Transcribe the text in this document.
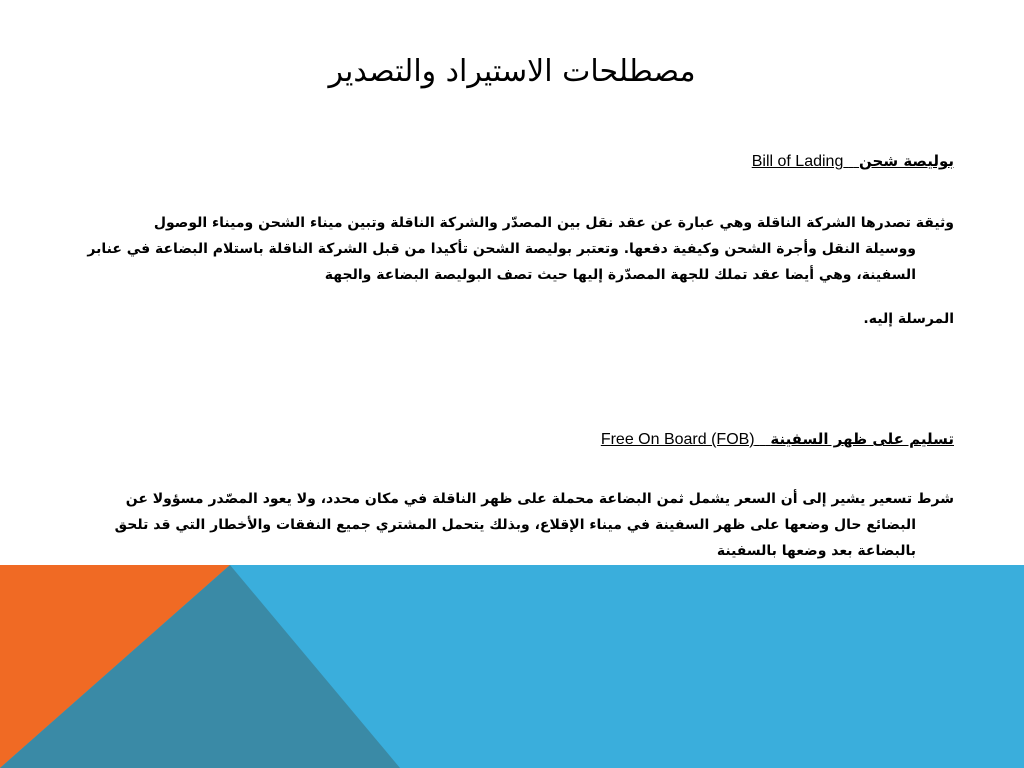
مصطلحات الاستيراد والتصدير
بوليصة شحن   Bill of Lading

وثيقة تصدرها الشركة الناقلة وهي عبارة عن عقد نقل بين المصدّر والشركة الناقلة وتبين ميناء الشحن وميناء الوصول
ووسيلة النقل وأجرة الشحن وكيفية دفعها. وتعتبر بوليصة الشحن تأكيدا من قبل الشركة الناقلة باستلام البضاعة في عنابر السفينة، وهي أيضا عقد تملك للجهة المصدّرة إليها حيث تصف البوليصة البضاعة والجهة

المرسلة إليه.

تسليم على ظهر السفينة   Free On Board (FOB)

شرط تسعير يشير إلى أن السعر يشمل ثمن البضاعة محملة على ظهر الناقلة في مكان محدد، ولا يعود المصّدر مسؤولا عن
البضائع حال وضعها على ظهر السفينة في ميناء الإقلاع، وبذلك يتحمل المشتري جميع النفقات والأخطار التي قد تلحق بالبضاعة بعد وضعها بالسفينة
